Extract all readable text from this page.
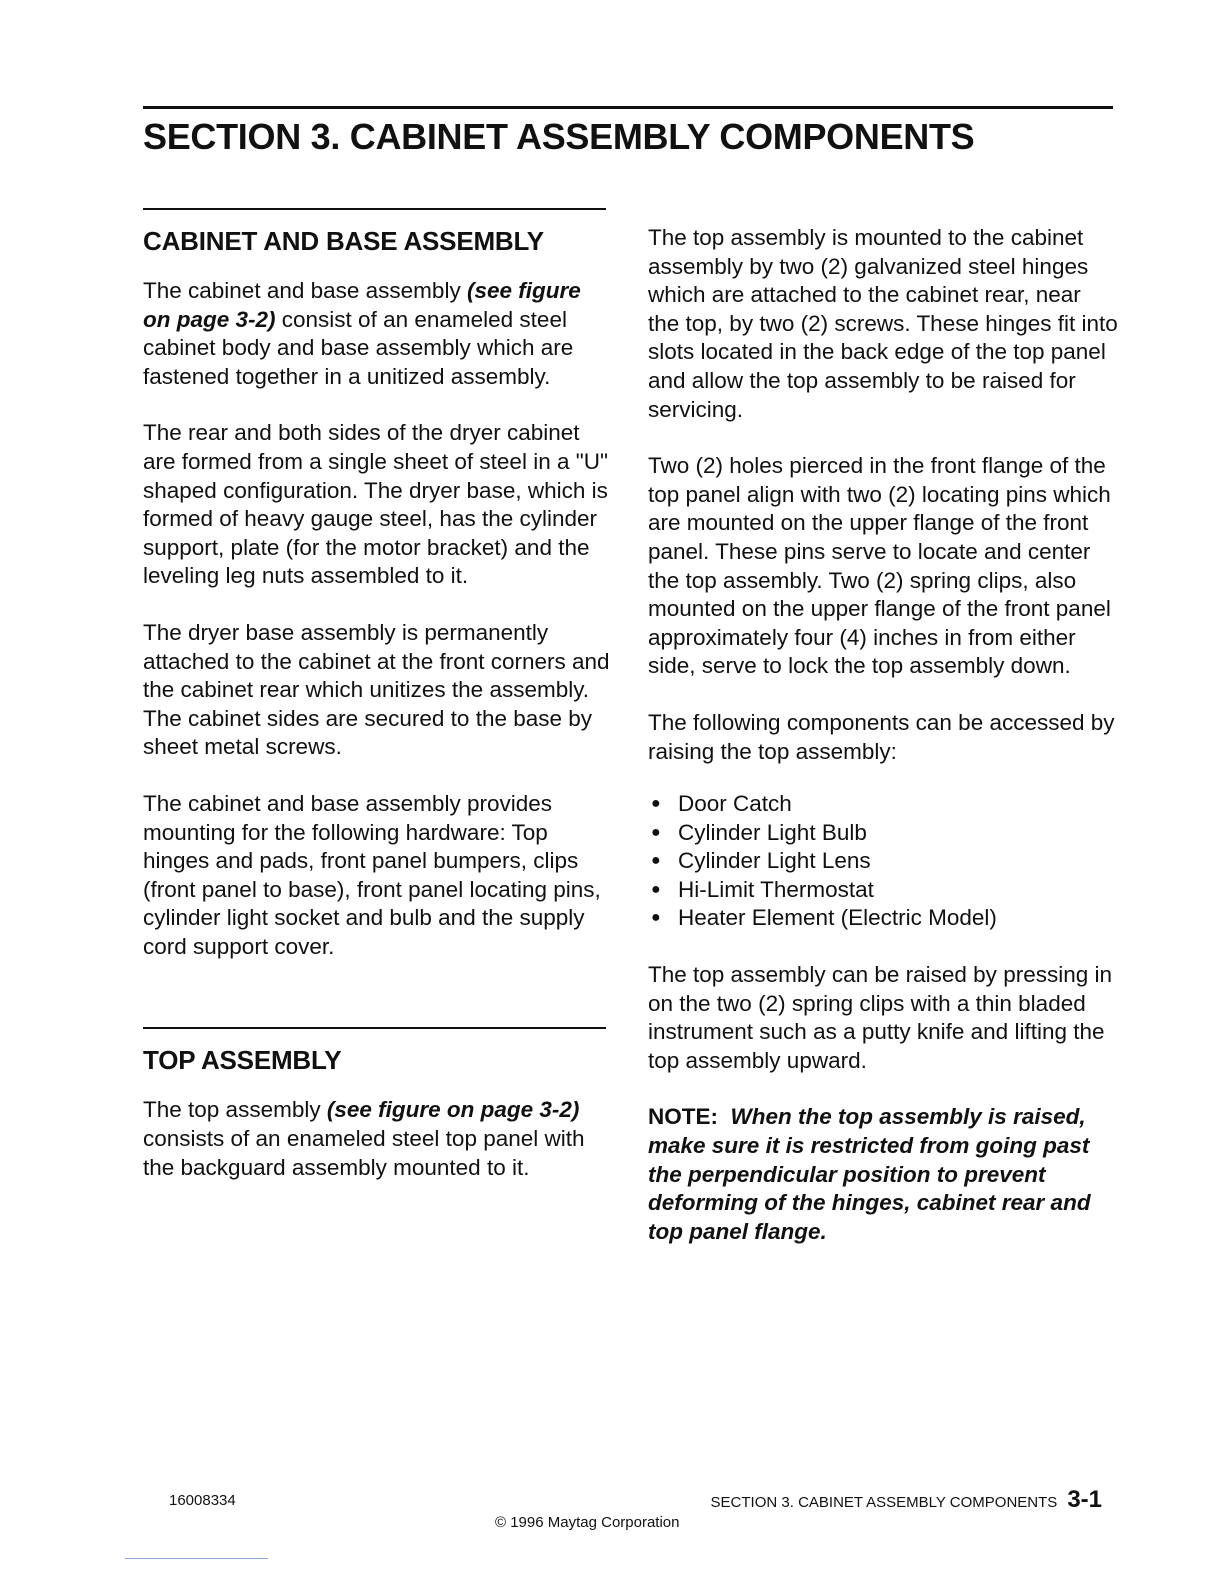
SECTION 3. CABINET ASSEMBLY COMPONENTS
CABINET AND BASE ASSEMBLY

The cabinet and base assembly (see figure on page 3-2) consist of an enameled steel cabinet body and base assembly which are fastened together in a unitized assembly.

The rear and both sides of the dryer cabinet are formed from a single sheet of steel in a "U" shaped configuration. The dryer base, which is formed of heavy gauge steel, has the cylinder support, plate (for the motor bracket) and the leveling leg nuts assembled to it.

The dryer base assembly is permanently attached to the cabinet at the front corners and the cabinet rear which unitizes the assembly. The cabinet sides are secured to the base by sheet metal screws.

The cabinet and base assembly provides mounting for the following hardware: Top hinges and pads, front panel bumpers, clips (front panel to base), front panel locating pins, cylinder light socket and bulb and the supply cord support cover.

TOP ASSEMBLY

The top assembly (see figure on page 3-2) consists of an enameled steel top panel with the backguard assembly mounted to it.

The top assembly is mounted to the cabinet assembly by two (2) galvanized steel hinges which are attached to the cabinet rear, near the top, by two (2) screws. These hinges fit into slots located in the back edge of the top panel and allow the top assembly to be raised for servicing.

Two (2) holes pierced in the front flange of the top panel align with two (2) locating pins which are mounted on the upper flange of the front panel. These pins serve to locate and center the top assembly. Two (2) spring clips, also mounted on the upper flange of the front panel approximately four (4) inches in from either side, serve to lock the top assembly down.

The following components can be accessed by raising the top assembly:

● Door Catch
● Cylinder Light Bulb
● Cylinder Light Lens
● Hi-Limit Thermostat
● Heater Element (Electric Model)

The top assembly can be raised by pressing in on the two (2) spring clips with a thin bladed instrument such as a putty knife and lifting the top assembly upward.

NOTE: When the top assembly is raised, make sure it is restricted from going past the perpendicular position to prevent deforming of the hinges, cabinet rear and top panel flange.
16008334	SECTION 3. CABINET ASSEMBLY COMPONENTS 3-1
© 1996 Maytag Corporation
